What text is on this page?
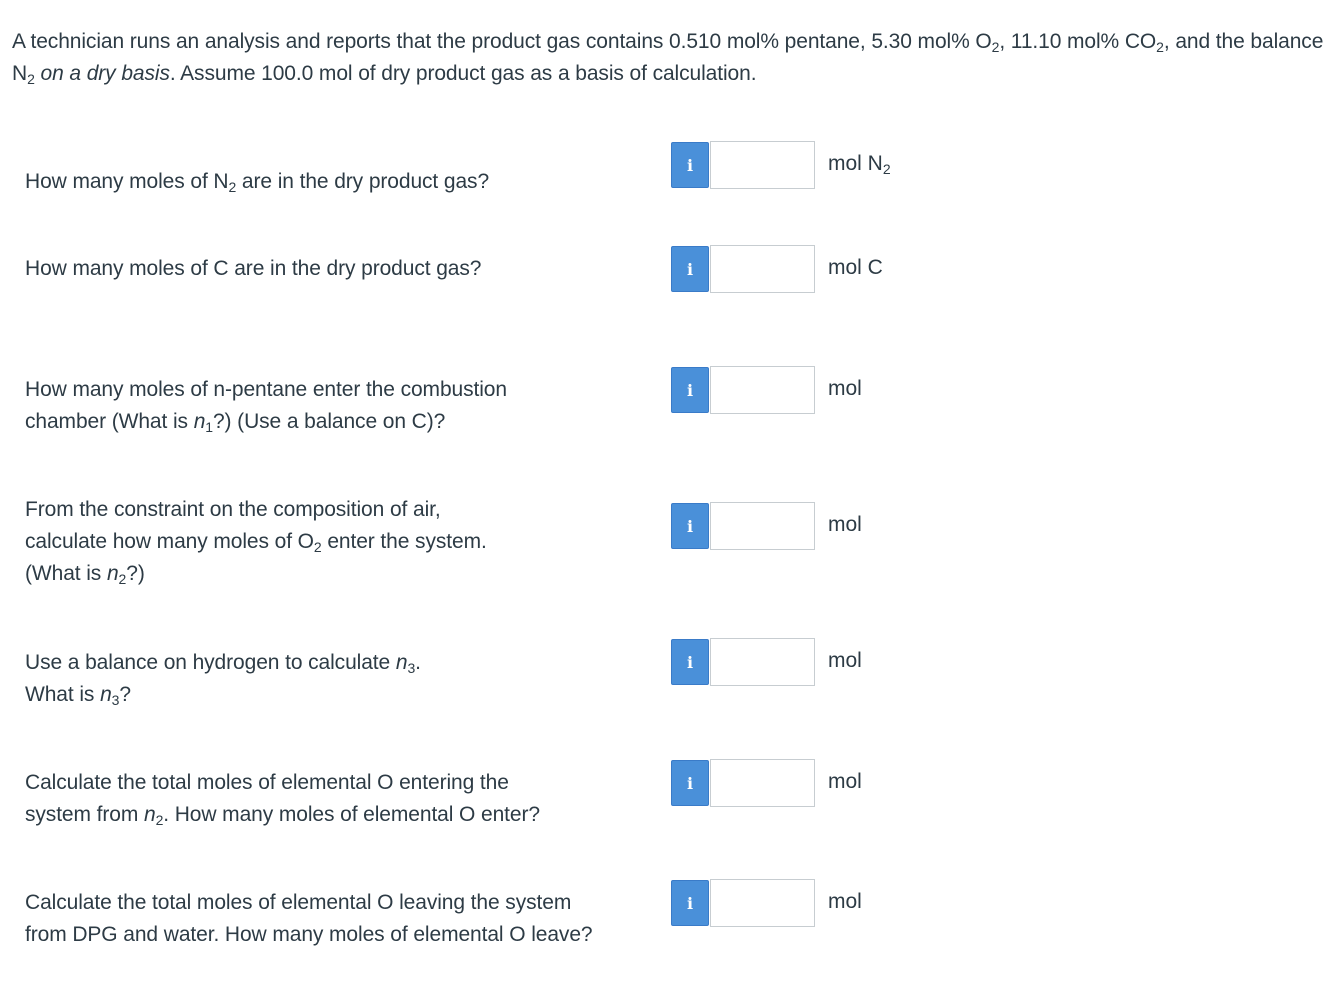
A technician runs an analysis and reports that the product gas contains 0.510 mol% pentane, 5.30 mol% $O_2$, 11.10 mol% $CO_2$, and the balance $N_2$ on a dry basis. Assume 100.0 mol of dry product gas as a basis of calculation.
How many moles of $N_2$ are in the dry product gas?
i	mol $N_2$
How many moles of C are in the dry product gas?	i	mol C
How many moles of n-pentane enter the combustion chamber (What is $n_1$?) (Use a balance on C)?
i	mol
From the constraint on the composition of air,
calculate how many moles of $O_2$ enter the system.
(What is $n_2$?)
i	mol
Use a balance on hydrogen to calculate $n_3$.
What is $n_3$?
i	mol
Calculate the total moles of elemental O entering the
system from $n_2$. How many moles of elemental O enter?
i	mol
Calculate the total moles of elemental O leaving the system
from DPG and water. How many moles of elemental O leave?
i	mol
